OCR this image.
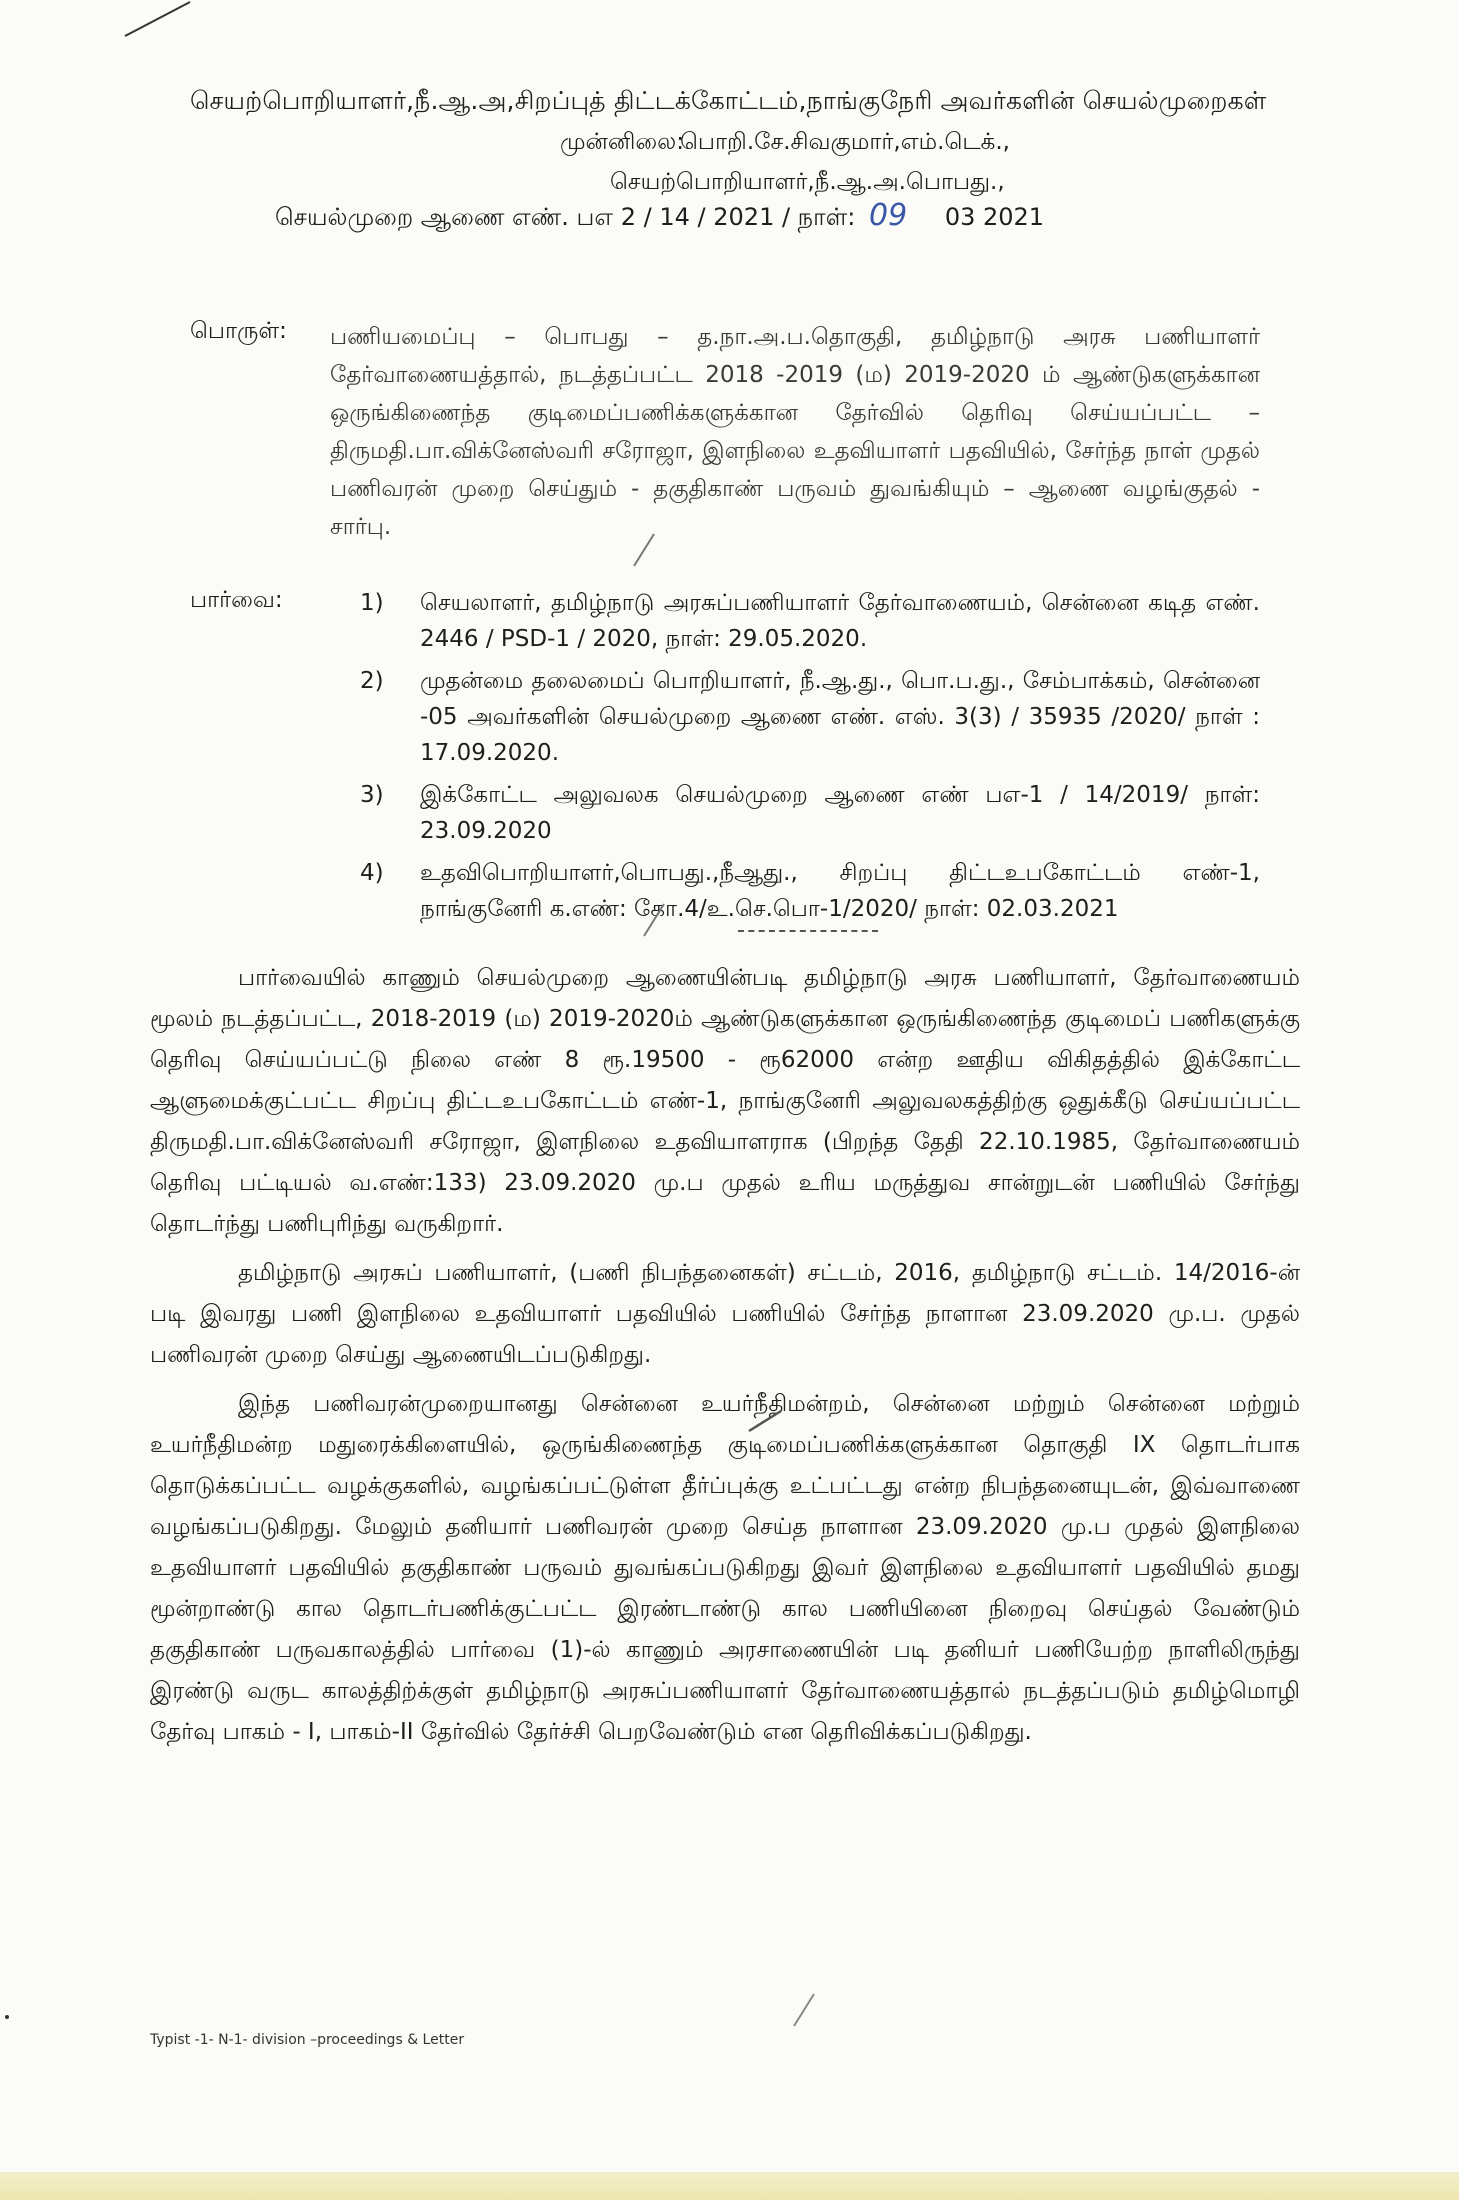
செயற்பொறியாளர்,நீ.ஆ.அ,சிறப்புத் திட்டக்கோட்டம்,நாங்குநேரி அவர்களின் செயல்முறைகள்
முன்னிலை:
பொறி.சே.சிவகுமார்,எம்.டெக்.,
செயற்பொறியாளர்,நீ.ஆ.அ.பொபது.,
செயல்முறை ஆணை எண். பஎ 2 / 14 / 2021 / நாள்: 09 03 2021
பொருள்: பணியமைப்பு – பொபது – த.நா.அ.ப.தொகுதி, தமிழ்நாடு அரசு பணியாளர் தேர்வாணையத்தால், நடத்தப்பட்ட 2018 -2019 (ம) 2019-2020 ம் ஆண்டுகளுக்கான ஒருங்கிணைந்த குடிமைப்பணிக்களுக்கான தேர்வில் தெரிவு செய்யப்பட்ட – திருமதி.பா.விக்னேஸ்வரி சரோஜா, இளநிலை உதவியாளர் பதவியில், சேர்ந்த நாள் முதல் பணிவரன் முறை செய்தும் - தகுதிகாண் பருவம் துவங்கியும் – ஆணை வழங்குதல் - சார்பு.
பார்வை:	1) செயலாளர், தமிழ்நாடு அரசுப்பணியாளர் தேர்வாணையம், சென்னை கடித எண். 2446 / PSD-1 / 2020, நாள்: 29.05.2020.
2) முதன்மை தலைமைப் பொறியாளர், நீ.ஆ.து., பொ.ப.து., சேம்பாக்கம், சென்னை -05 அவர்களின் செயல்முறை ஆணை எண். எஸ். 3(3) / 35935 /2020/ நாள் : 17.09.2020.
3) இக்கோட்ட அலுவலக செயல்முறை ஆணை எண் பஎ-1 / 14/2019/ நாள்: 23.09.2020
4) உதவிபொறியாளர்,பொபது.,நீஆது., சிறப்பு திட்டஉபகோட்டம் எண்-1, நாங்குனேரி க.எண்: கோ.4/உ.செ.பொ-1/2020/ நாள்: 02.03.2021

பார்வையில் காணும் செயல்முறை ஆணையின்படி தமிழ்நாடு அரசு பணியாளர், தேர்வாணையம் மூலம் நடத்தப்பட்ட, 2018-2019 (ம) 2019-2020ம் ஆண்டுகளுக்கான ஒருங்கிணைந்த குடிமைப் பணிகளுக்கு தெரிவு செய்யப்பட்டு நிலை எண் 8 ரூ.19500 - ரூ62000 என்ற ஊதிய விகிதத்தில் இக்கோட்ட ஆளுமைக்குட்பட்ட சிறப்பு திட்டஉபகோட்டம் எண்-1, நாங்குனேரி அலுவலகத்திற்கு ஒதுக்கீடு செய்யப்பட்ட திருமதி.பா.விக்னேஸ்வரி சரோஜா, இளநிலை உதவியாளராக (பிறந்த தேதி 22.10.1985, தேர்வாணையம் தெரிவு பட்டியல் வ.எண்:133) 23.09.2020 மு.ப முதல் உரிய மருத்துவ சான்றுடன் பணியில் சேர்ந்து தொடர்ந்து பணிபுரிந்து வருகிறார்.

தமிழ்நாடு அரசுப் பணியாளர், (பணி நிபந்தனைகள்) சட்டம், 2016, தமிழ்நாடு சட்டம். 14/2016-ன் படி இவரது பணி இளநிலை உதவியாளர் பதவியில் பணியில் சேர்ந்த நாளான 23.09.2020 மு.ப. முதல் பணிவரன் முறை செய்து ஆணையிடப்படுகிறது.

இந்த பணிவரன்முறையானது சென்னை உயர்நீதிமன்றம், சென்னை மற்றும் சென்னை மற்றும் உயர்நீதிமன்ற மதுரைக்கிளையில், ஒருங்கிணைந்த குடிமைப்பணிக்களுக்கான தொகுதி IX தொடர்பாக தொடுக்கப்பட்ட வழக்குகளில், வழங்கப்பட்டுள்ள தீர்ப்புக்கு உட்பட்டது என்ற நிபந்தனையுடன், இவ்வாணை வழங்கப்படுகிறது. மேலும் தனியார் பணிவரன் முறை செய்த நாளான 23.09.2020 மு.ப முதல் இளநிலை உதவியாளர் பதவியில் தகுதிகாண் பருவம் துவங்கப்படுகிறது இவர் இளநிலை உதவியாளர் பதவியில் தமது மூன்றாண்டு கால தொடர்பணிக்குட்பட்ட இரண்டாண்டு கால பணியினை நிறைவு செய்தல் வேண்டும் தகுதிகாண் பருவகாலத்தில் பார்வை (1)-ல் காணும் அரசாணையின் படி தனியர் பணியேற்ற நாளிலிருந்து இரண்டு வருட காலத்திற்க்குள் தமிழ்நாடு அரசுப்பணியாளர் தேர்வாணையத்தால் நடத்தப்படும் தமிழ்மொழி தேர்வு பாகம் - I, பாகம்-II தேர்வில் தேர்ச்சி பெறவேண்டும் என தெரிவிக்கப்படுகிறது.

Typist -1- N-1- division –proceedings & Letter
